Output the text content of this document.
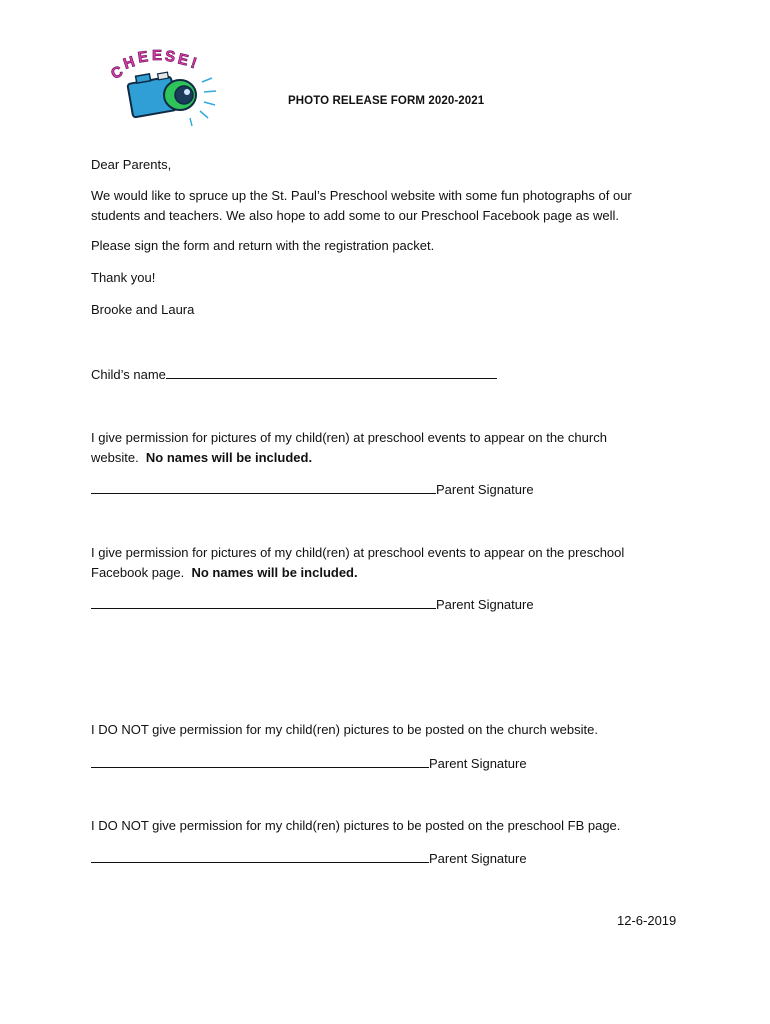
C
H E E S E
!
PHOTO RELEASE FORM 2020-2021
Dear Parents,
We would like to spruce up the St. Paul’s Preschool website with some fun photographs of our
students and teachers. We also hope to add some to our Preschool Facebook page as well.
Please sign the form and return with the registration packet.
Thank you!
Brooke and Laura
Child’s name
I give permission for pictures of my child(ren) at preschool events to appear on the church
website.  No names will be included.
Parent Signature
I give permission for pictures of my child(ren) at preschool events to appear on the preschool
Facebook page.  No names will be included.
Parent Signature
I DO NOT give permission for my child(ren) pictures to be posted on the church website.
Parent Signature
I DO NOT give permission for my child(ren) pictures to be posted on the preschool FB page.
Parent Signature
12-6-2019
